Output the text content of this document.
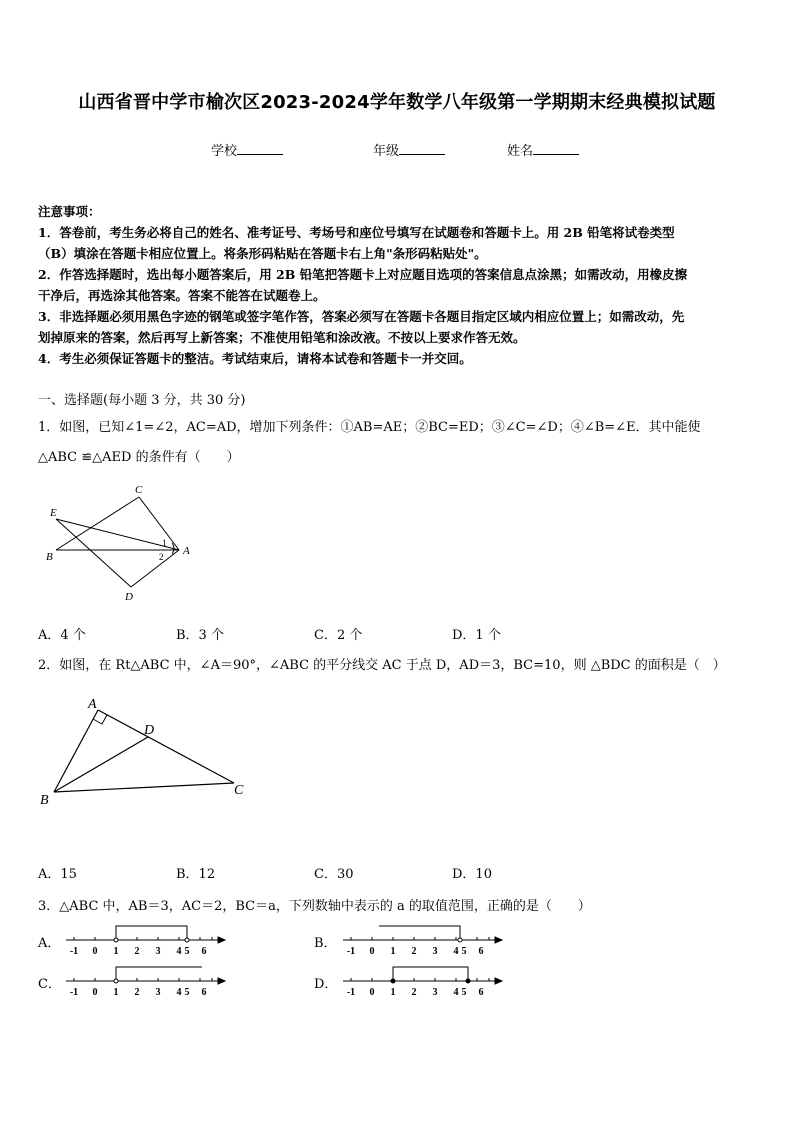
山西省晋中学市榆次区2023-2024学年数学八年级第一学期期末经典模拟试题
学校	年级	姓名
注意事项：
1．答卷前，考生务必将自己的姓名、准考证号、考场号和座位号填写在试题卷和答题卡上。用 2B 铅笔将试卷类型
（B）填涂在答题卡相应位置上。将条形码粘贴在答题卡右上角"条形码粘贴处"。
2．作答选择题时，选出每小题答案后，用 2B 铅笔把答题卡上对应题目选项的答案信息点涂黑；如需改动，用橡皮擦
干净后，再选涂其他答案。答案不能答在试题卷上。
3．非选择题必须用黑色字迹的钢笔或签字笔作答，答案必须写在答题卡各题目指定区域内相应位置上；如需改动，先
划掉原来的答案，然后再写上新答案；不准使用铅笔和涂改液。不按以上要求作答无效。
4．考生必须保证答题卡的整洁。考试结束后，请将本试卷和答题卡一并交回。
一、选择题(每小题 3 分，共 30 分)
1．如图，已知∠1=∠2，AC=AD，增加下列条件：①AB=AE；②BC=ED；③∠C=∠D；④∠B=∠E．其中能使
△ABC ≌△AED 的条件有（　　）
C
E
B	A
D
1
2
A．4 个	B．3 个	C．2 个	D．1 个
2．如图，在 Rt△ABC 中，∠A＝90°，∠ABC 的平分线交 AC 于点 D，AD＝3，BC=10，则 △BDC 的面积是（　）
A
D
B
C
A．15	B．12	C．30	D．10
3．△ABC 中，AB＝3，AC＝2，BC＝a，下列数轴中表示的 a 的取值范围，正确的是（　　）
A．
-1 0 1 2 3 4 5 6
B．
-1 0 1 2 3 4 5 6
C．
-1 0 1 2 3 4 5 6
D．
-1 0 1 2 3 4 5 6
